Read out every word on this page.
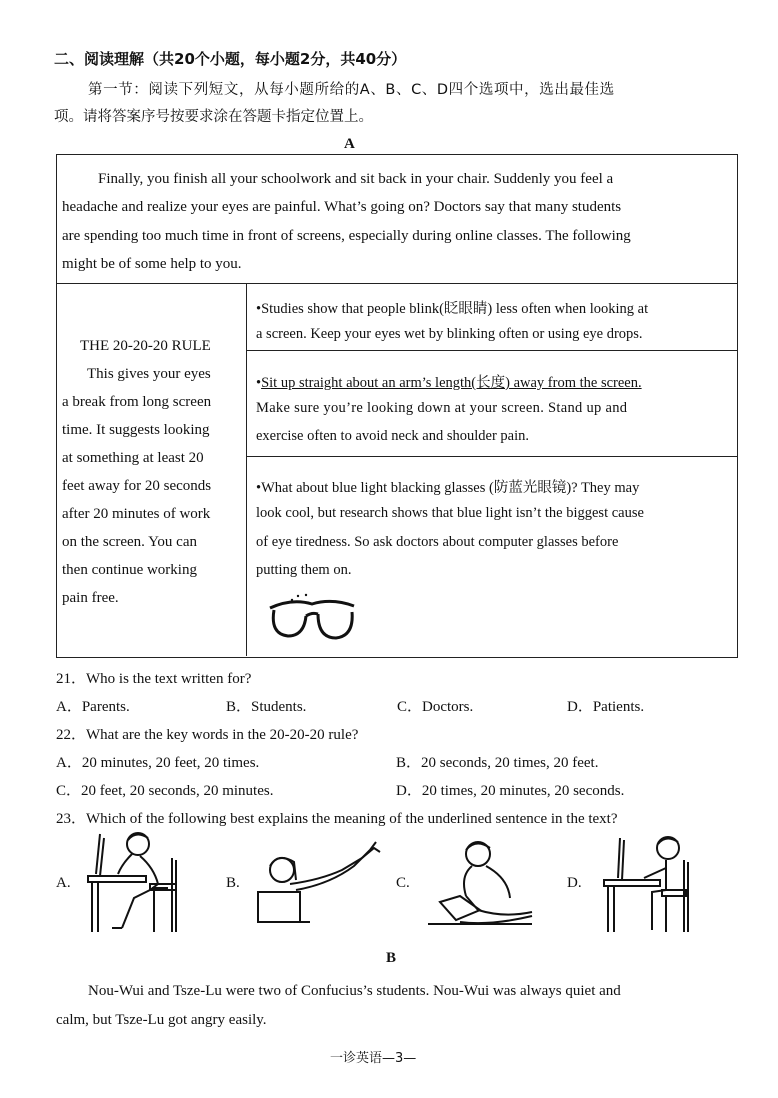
二、阅读理解（共20个小题，每小题2分，共40分）
第一节：阅读下列短文，从每小题所给的A、B、C、D四个选项中，选出最佳选
项。请将答案序号按要求涂在答题卡指定位置上。
A
Finally, you finish all your schoolwork and sit back in your chair. Suddenly you feel a
headache and realize your eyes are painful. What’s going on? Doctors say that many students
are spending too much time in front of screens, especially during online classes. The following
might be of some help to you.
THE 20-20-20 RULE
This gives your eyes
a break from long screen
time. It suggests looking
at something at least 20
feet away for 20 seconds
after 20 minutes of work
on the screen. You can
then continue working
pain free.
•Studies show that people blink(眨眼睛) less often when looking at
a screen. Keep your eyes wet by blinking often or using eye drops.
•Sit up straight about an arm’s length(长度) away from the screen.
Make sure you’re looking down at your screen. Stand up and
exercise often to avoid neck and shoulder pain.
•What about blue light blacking glasses (防蓝光眼镜)? They may
look cool, but research shows that blue light isn’t the biggest cause
of eye tiredness. So ask doctors about computer glasses before
putting them on.
21．Who is the text written for?
A．Parents.	B．Students.	C．Doctors.	D．Patients.
22．What are the key words in the 20-20-20 rule?
A．20 minutes, 20 feet, 20 times.	B．20 seconds, 20 times, 20 feet.
C．20 feet, 20 seconds, 20 minutes.	D．20 times, 20 minutes, 20 seconds.
23．Which of the following best explains the meaning of the underlined sentence in the text?
A.	B.	C.	D.
B
Nou-Wui and Tsze-Lu were two of Confucius’s students. Nou-Wui was always quiet and
calm, but Tsze-Lu got angry easily.
一诊英语—3—
